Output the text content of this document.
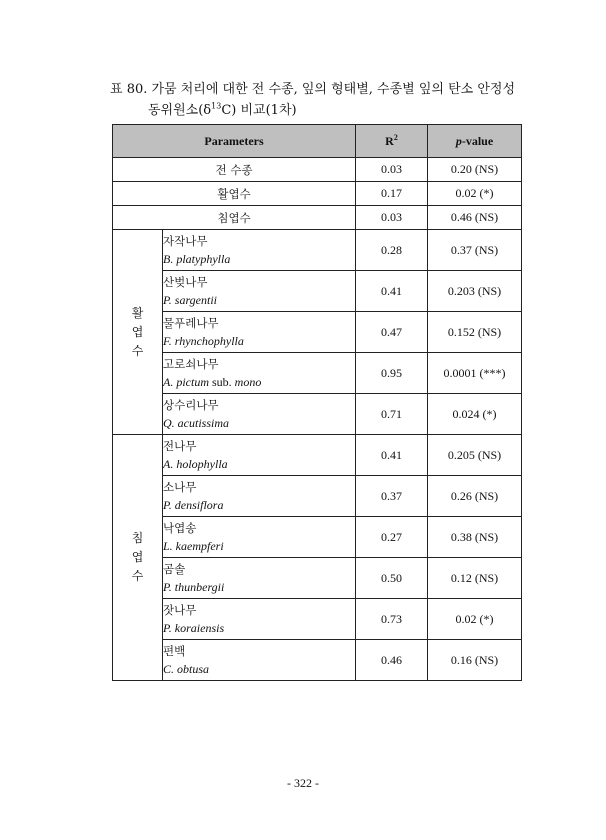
표 80. 가뭄 처리에 대한 전 수종, 잎의 형태별, 수종별 잎의 탄소 안정성
동위원소$(\delta^{13}C)$ 비교(1차)
Parameters		$R^2$	p-value
전 수종		0.03	0.20 (NS)
활엽수		0.17	0.02 (*)
침엽수		0.03	0.46 (NS)

활
엽
수	자작나무
B. platyphylla	0.28	0.37 (NS)

	산벚나무
P. sargentii	0.41	0.203 (NS)

	물푸레나무
F. rhynchophylla	0.47	0.152 (NS)

	고로쇠나무
A. pictum sub. mono	0.95	0.0001 (***)

	상수리나무
Q. acutissima	0.71	0.024 (*)

침
엽
수	전나무
A. holophylla	0.41	0.205 (NS)

	소나무
P. densiflora	0.37	0.26 (NS)

	낙엽송
L. kaempferi	0.27	0.38 (NS)

	곰솔
P. thunbergii	0.50	0.12 (NS)

	잣나무
P. koraiensis	0.73	0.02 (*)

	편백
C. obtusa	0.46	0.16 (NS)
- 322 -
